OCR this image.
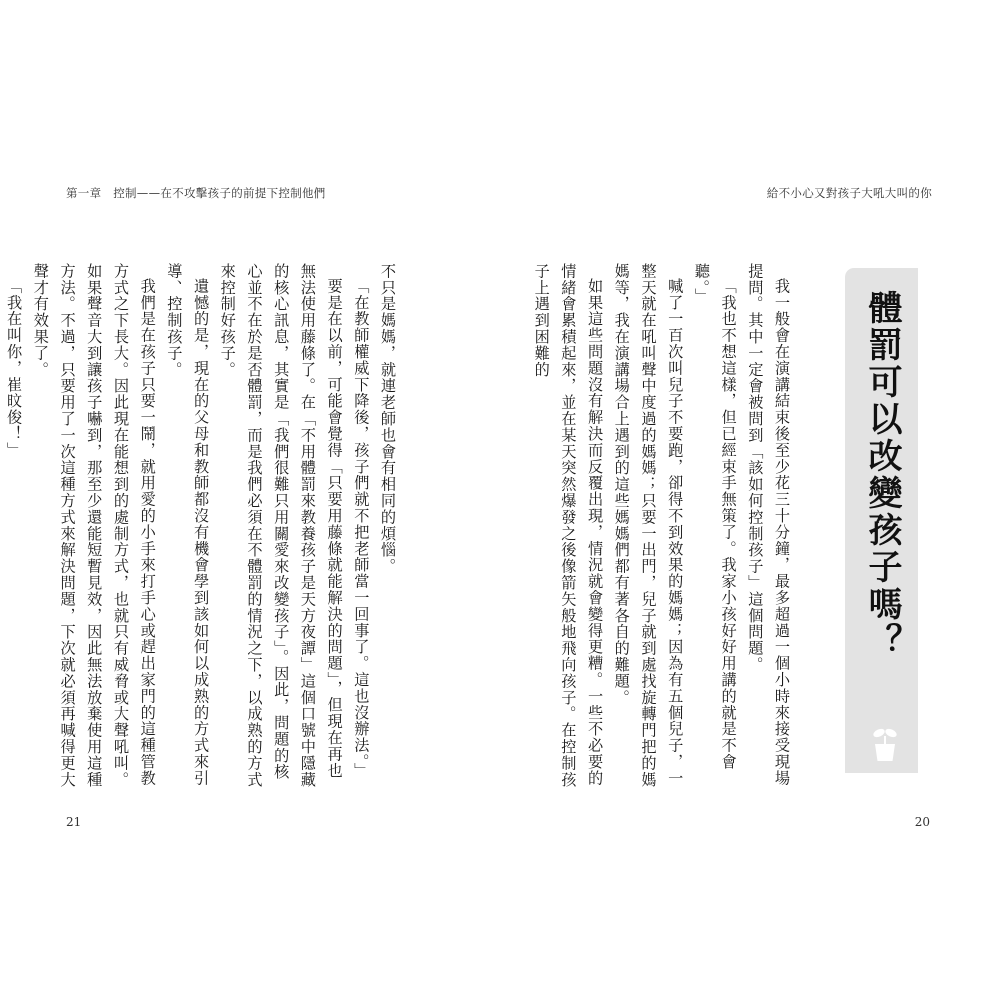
第一章　控制——在不攻擊孩子的前提下控制他們

不只是媽媽，就連老師也會有相同的煩惱。

「在教師權威下降後，孩子們就不把老師當一回事了。這也沒辦法。」

要是在以前，可能會覺得「只要用藤條就能解決的問題」，但現在再也無法使用藤條了。在「不用體罰來教養孩子是天方夜譚」這個口號中隱藏的核心訊息，其實是「我們很難只用關愛來改變孩子」。因此，問題的核心並不在於是否體罰，而是我們必須在不體罰的情況之下，以成熟的方式來控制好孩子。

遺憾的是，現在的父母和教師都沒有機會學到該如何以成熟的方式來引導、控制孩子。

我們是在孩子只要一鬧，就用愛的小手來打手心或趕出家門的這種管教方式之下長大。因此現在能想到的處制方式，也就只有威脅或大聲吼叫。如果聲音大到讓孩子嚇到，那至少還能短暫見效，因此無法放棄使用這種方法。不過，只要用了一次這種方式來解決問題，下次就必須再喊得更大聲才有效果了。

「我在叫你，崔旼俊！」

21
給不小心又對孩子大吼大叫的你

我一般會在演講結束後至少花三十分鐘，最多超過一個小時來接受現場提問。其中一定會被問到「該如何控制孩子」這個問題。

「我也不想這樣，但已經束手無策了。我家小孩好好用講的就是不會聽。」

喊了一百次叫兒子不要跑，卻得不到效果的媽媽；因為有五個兒子，一整天就在吼叫聲中度過的媽媽；只要一出門，兒子就到處找旋轉門把的媽媽等，我在演講場合上遇到的這些媽媽們都有著各自的難題。

如果這些問題沒有解決而反覆出現，情況就會變得更糟。一些不必要的情緒會累積起來，並在某天突然爆發之後像箭矢般地飛向孩子。在控制孩子上遇到困難的	體罰可以改變孩子嗎？
20
